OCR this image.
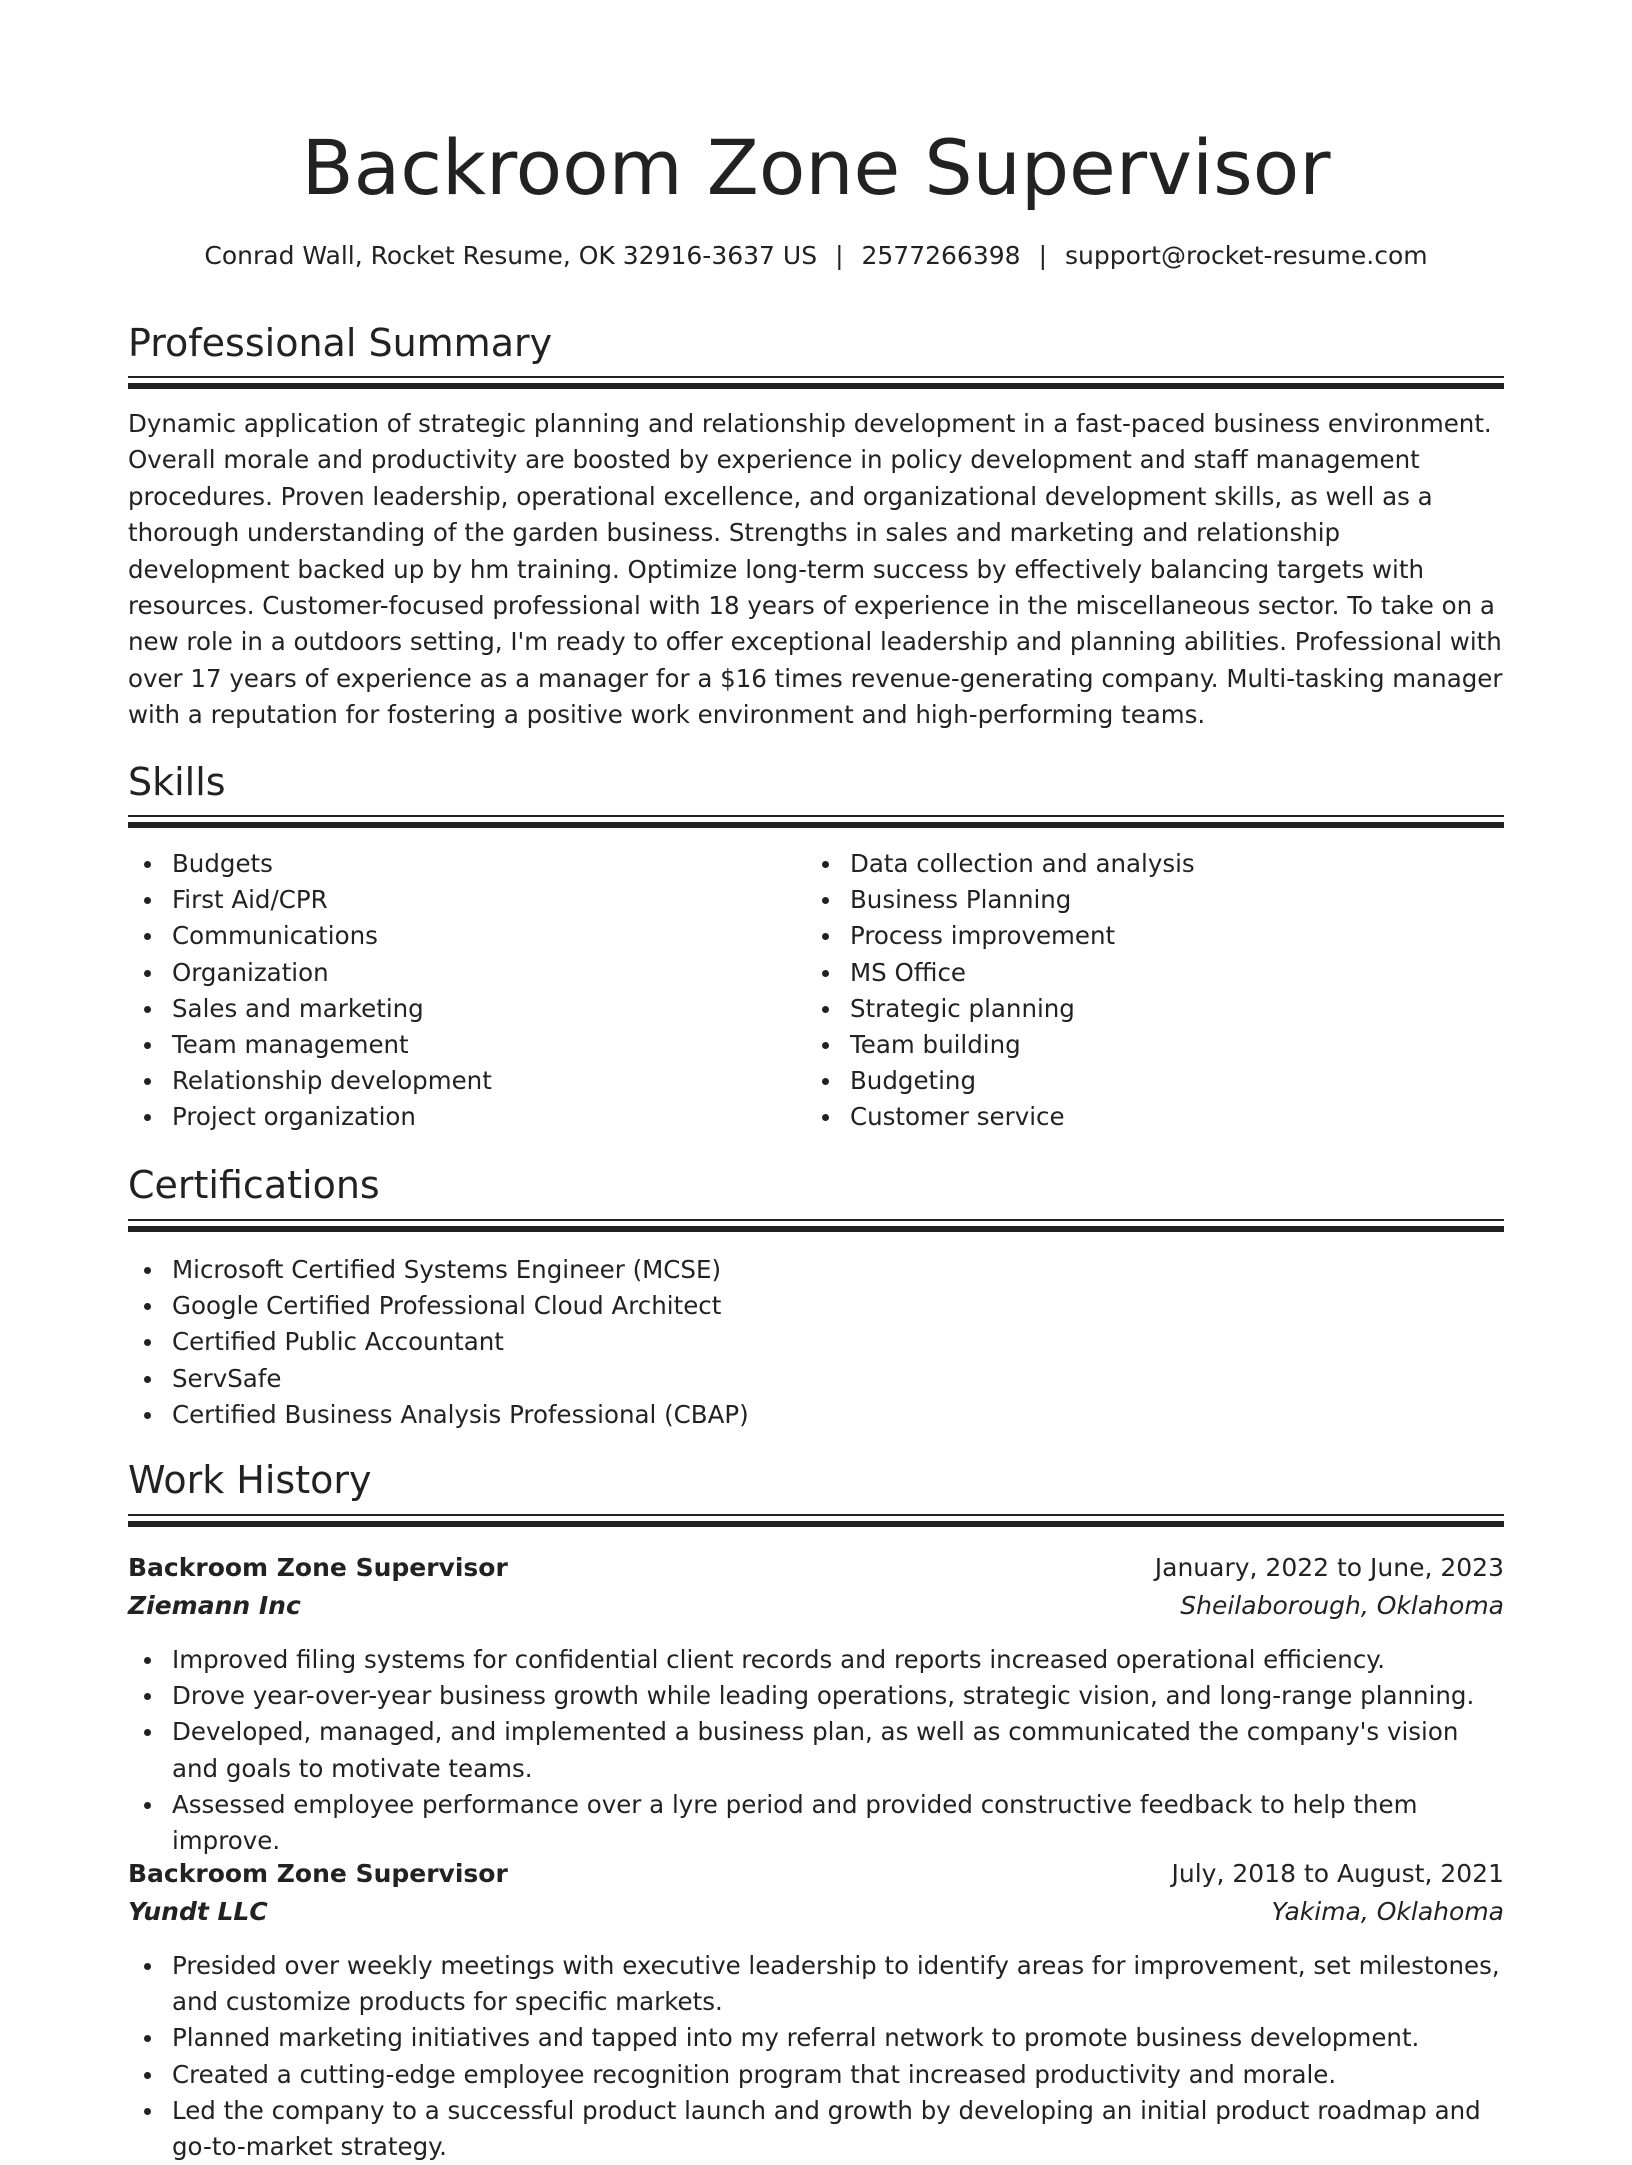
Backroom Zone Supervisor
Conrad Wall, Rocket Resume, OK 32916-3637 US | 2577266398 | support@rocket-resume.com
Professional Summary

Dynamic application of strategic planning and relationship development in a fast-paced business environment. Overall morale and productivity are boosted by experience in policy development and staff management procedures. Proven leadership, operational excellence, and organizational development skills, as well as a thorough understanding of the garden business. Strengths in sales and marketing and relationship development backed up by hm training. Optimize long-term success by effectively balancing targets with resources. Customer-focused professional with 18 years of experience in the miscellaneous sector. To take on a new role in a outdoors setting, I'm ready to offer exceptional leadership and planning abilities. Professional with over 17 years of experience as a manager for a $16 times revenue-generating company. Multi-tasking manager with a reputation for fostering a positive work environment and high-performing teams.

Skills
Budgets
First Aid/CPR
Communications
Organization
Sales and marketing
Team management
Relationship development
Project organization
Data collection and analysis
Business Planning
Process improvement
MS Office
Strategic planning
Team building
Budgeting
Customer service
Certifications
Microsoft Certified Systems Engineer (MCSE)
Google Certified Professional Cloud Architect
Certified Public Accountant
ServSafe
Certified Business Analysis Professional (CBAP)
Work History
Backroom Zone Supervisor	January, 2022 to June, 2023
Ziemann Inc	Sheilaborough, Oklahoma
Improved filing systems for confidential client records and reports increased operational efficiency.
Drove year-over-year business growth while leading operations, strategic vision, and long-range planning.
Developed, managed, and implemented a business plan, as well as communicated the company's vision and goals to motivate teams.
Assessed employee performance over a lyre period and provided constructive feedback to help them improve.
Backroom Zone Supervisor	July, 2018 to August, 2021
Yundt LLC	Yakima, Oklahoma
Presided over weekly meetings with executive leadership to identify areas for improvement, set milestones, and customize products for specific markets.
Planned marketing initiatives and tapped into my referral network to promote business development.
Created a cutting-edge employee recognition program that increased productivity and morale.
Led the company to a successful product launch and growth by developing an initial product roadmap and go-to-market strategy.
